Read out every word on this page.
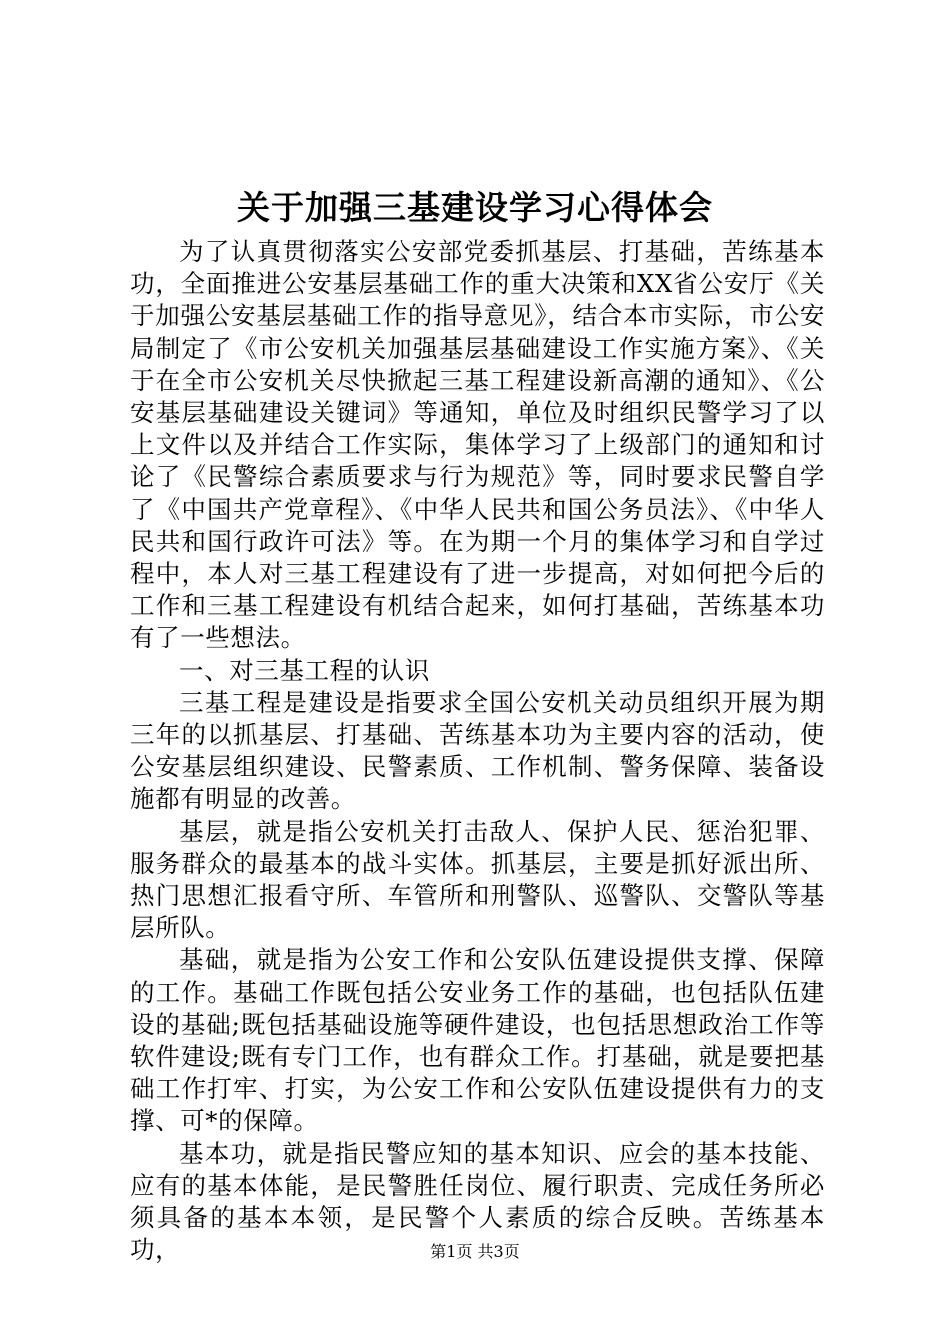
关于加强三基建设学习心得体会

为了认真贯彻落实公安部党委抓基层、打基础，苦练基本功，全面推进公安基层基础工作的重大决策和XX省公安厅《关于加强公安基层基础工作的指导意见》，结合本市实际，市公安局制定了《市公安机关加强基层基础建设工作实施方案》、《关于在全市公安机关尽快掀起三基工程建设新高潮的通知》、《公安基层基础建设关键词》等通知，单位及时组织民警学习了以上文件以及并结合工作实际，集体学习了上级部门的通知和讨论了《民警综合素质要求与行为规范》等，同时要求民警自学了《中国共产党章程》、《中华人民共和国公务员法》、《中华人民共和国行政许可法》等。在为期一个月的集体学习和自学过程中，本人对三基工程建设有了进一步提高，对如何把今后的工作和三基工程建设有机结合起来，如何打基础，苦练基本功有了一些想法。

一、对三基工程的认识

三基工程是建设是指要求全国公安机关动员组织开展为期三年的以抓基层、打基础、苦练基本功为主要内容的活动，使公安基层组织建设、民警素质、工作机制、警务保障、装备设施都有明显的改善。

基层，就是指公安机关打击敌人、保护人民、惩治犯罪、服务群众的最基本的战斗实体。抓基层，主要是抓好派出所、热门思想汇报看守所、车管所和刑警队、巡警队、交警队等基层所队。

基础，就是指为公安工作和公安队伍建设提供支撑、保障的工作。基础工作既包括公安业务工作的基础，也包括队伍建设的基础;既包括基础设施等硬件建设，也包括思想政治工作等软件建设;既有专门工作，也有群众工作。打基础，就是要把基础工作打牢、打实，为公安工作和公安队伍建设提供有力的支撑、可*的保障。

基本功，就是指民警应知的基本知识、应会的基本技能、应有的基本体能，是民警胜任岗位、履行职责、完成任务所必须具备的基本本领，是民警个人素质的综合反映。苦练基本功，	第1页 共3页
